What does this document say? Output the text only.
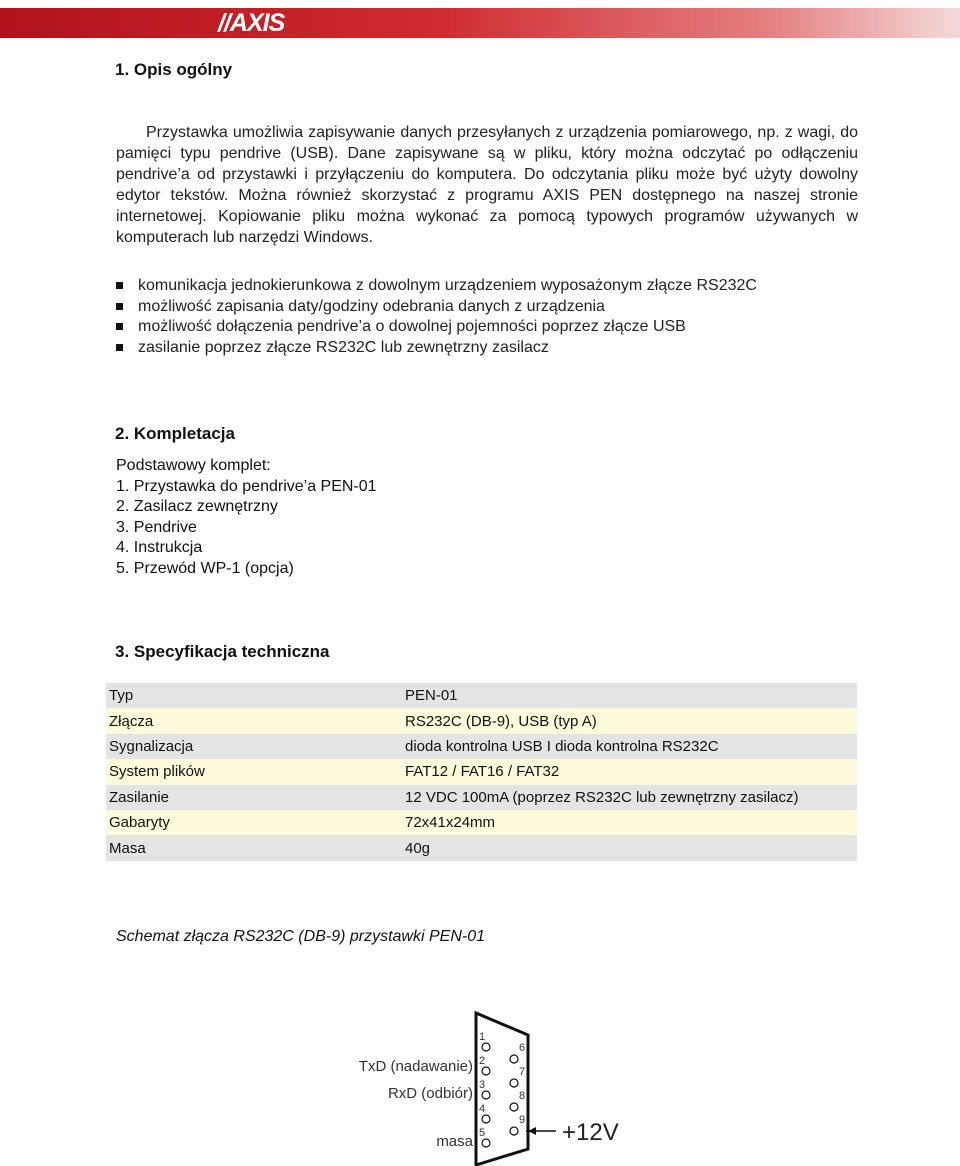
//AXIS
1. Opis ogólny

Przystawka umożliwia zapisywanie danych przesyłanych z urządzenia pomiarowego, np. z wagi, do pamięci typu pendrive (USB). Dane zapisywane są w pliku, który można odczytać po odłączeniu pendrive’a od przystawki i przyłączeniu do komputera. Do odczytania pliku może być użyty dowolny edytor tekstów. Można również skorzystać z programu AXIS PEN dostępnego na naszej stronie internetowej. Kopiowanie pliku można wykonać za pomocą typowych programów używanych w komputerach lub narzędzi Windows.

komunikacja jednokierunkowa z dowolnym urządzeniem wyposażonym złącze RS232C
możliwość zapisania daty/godziny odebrania danych z urządzenia
możliwość dołączenia pendrive’a o dowolnej pojemności poprzez złącze USB
zasilanie poprzez złącze RS232C lub zewnętrzny zasilacz
2. Kompletacja
Podstawowy komplet:
1. Przystawka do pendrive’a PEN-01
2. Zasilacz zewnętrzny
3. Pendrive
4. Instrukcja
5. Przewód WP-1 (opcja)
3. Specyfikacja techniczna
Typ	PEN-01
Złącza	RS232C (DB-9), USB (typ A)
Sygnalizacja	dioda kontrolna USB I dioda kontrolna RS232C
System plików	FAT12 / FAT16 / FAT32
Zasilanie	12 VDC 100mA (poprzez RS232C lub zewnętrzny zasilacz)
Gabaryty	72x41x24mm
Masa	40g

Schemat złącza RS232C (DB-9) przystawki PEN-01

1
2
3
4
5
6
7
8
9
TxD (nadawanie)
RxD (odbiór)
masa	+12V
